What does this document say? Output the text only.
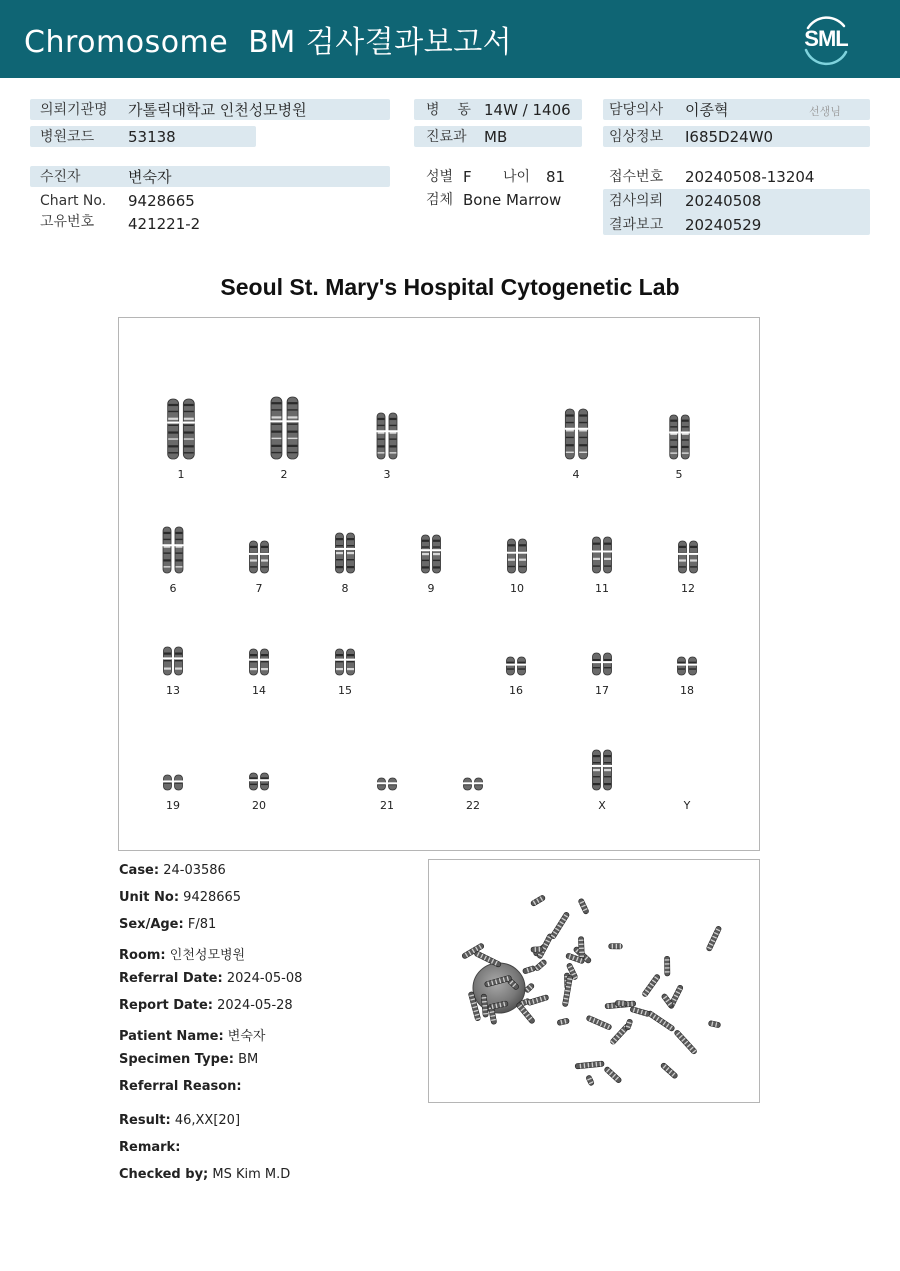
Chromosome  BM 검사결과보고서	SML
의뢰기관명 가톨릭대학교 인천성모병원	병    동 14W / 1406	담당의사 이종혁	선생님
병원코드 53138	진료과 MB	임상정보 I685D24W0
수진자	변숙자	성별 F 나이 81	접수번호 20240508-13204
Chart No. 9428665	검체 Bone Marrow	검사의뢰 20240508
고유번호 421221-2	결과보고 20240529
Seoul St. Mary's Hospital Cytogenetic Lab
1	2	3	4	5
6	7	8	9	10	11	12
13	14	15	16	17	18
19	20	21	22	X	Y
Case: 24-03586
Unit No: 9428665
Sex/Age: F/81
Room: 인천성모병원
Referral Date: 2024-05-08
Report Date: 2024-05-28
Patient Name: 변숙자
Specimen Type: BM
Referral Reason:
Result: 46,XX[20]
Remark:
Checked by; MS Kim M.D
